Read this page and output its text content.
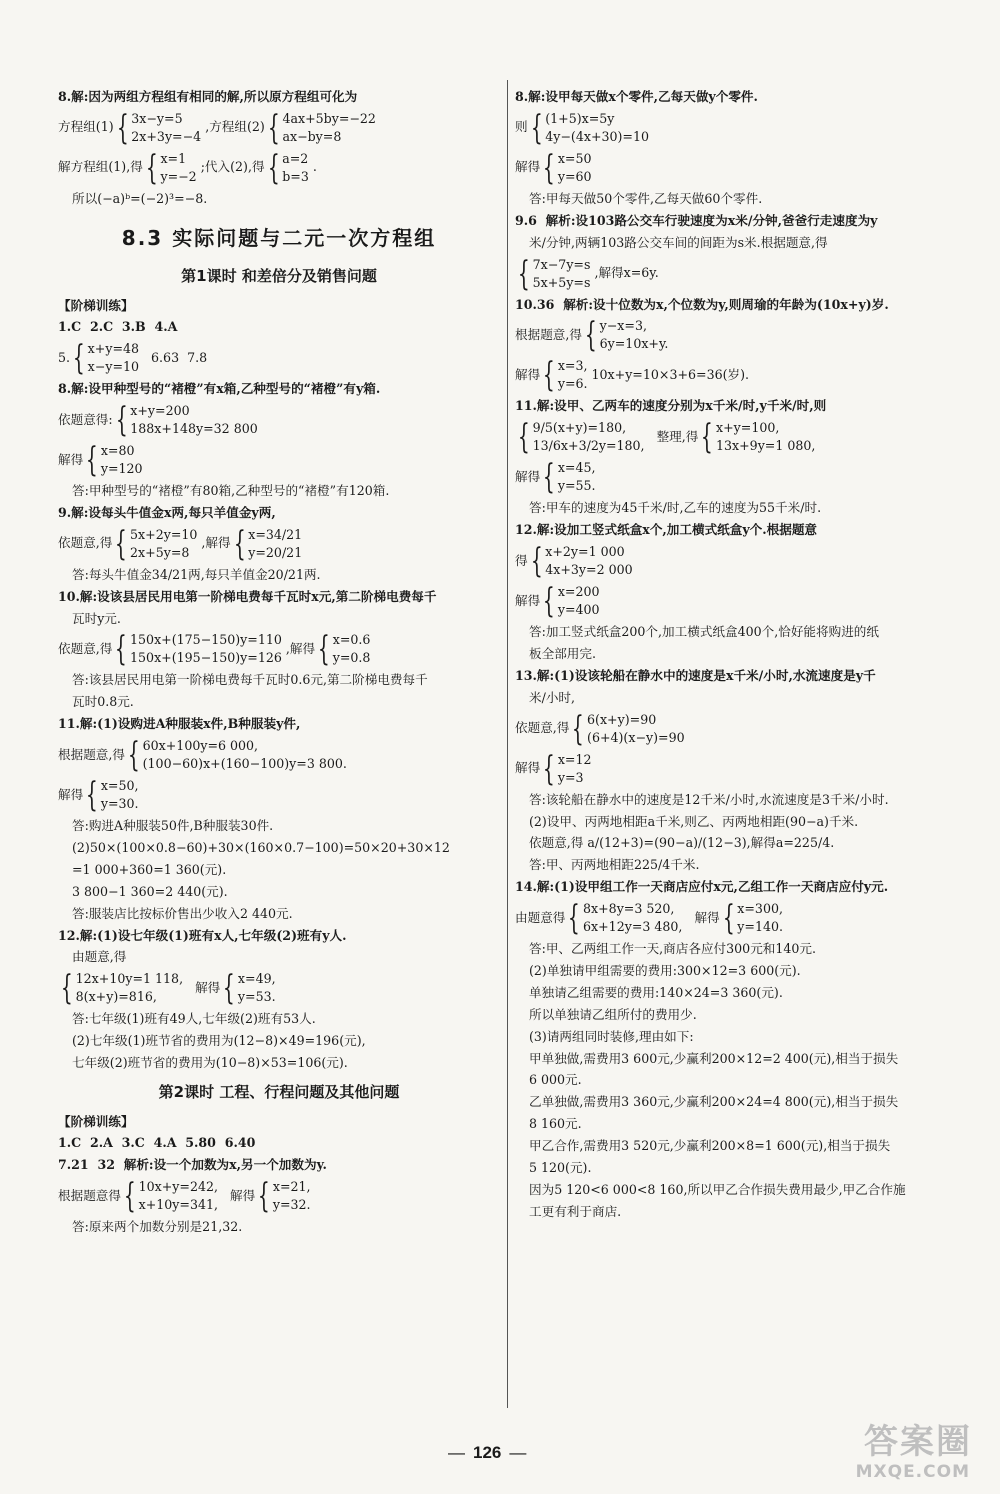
8.解:因为两组方程组有相同的解,所以原方程组可化为
方程组(1) { 3x−y=5
2x+3y=−4
,方程组(2) { 4ax+5by=−22
ax−by=8
解方程组(1),得 { x=1
y=−2
;代入(2),得 { a=2
b=3
.
所以(−a)ᵇ=(−2)³=−8.
8.3 实际问题与二元一次方程组
第1课时 和差倍分及销售问题
【阶梯训练】
1.C  2.C  3.B  4.A
5. { x+y=48
x−y=10
6.63  7.8
8.解:设甲种型号的“褚橙”有x箱,乙种型号的“褚橙”有y箱.
依题意得: { x+y=200
188x+148y=32 800
解得 { x=80
y=120
答:甲种型号的“褚橙”有80箱,乙种型号的“褚橙”有120箱.
9.解:设每头牛值金x两,每只羊值金y两,
依题意,得 { 5x+2y=10
2x+5y=8
,解得 { x=34/21
y=20/21
答:每头牛值金34/21两,每只羊值金20/21两.
10.解:设该县居民用电第一阶梯电费每千瓦时x元,第二阶梯电费每千
瓦时y元.
依题意,得 { 150x+(175−150)y=110
150x+(195−150)y=126
,解得 { x=0.6
y=0.8
答:该县居民用电第一阶梯电费每千瓦时0.6元,第二阶梯电费每千
瓦时0.8元.
11.解:(1)设购进A种服装x件,B种服装y件,
根据题意,得 { 60x+100y=6 000,
(100−60)x+(160−100)y=3 800.
解得 { x=50,
y=30.
答:购进A种服装50件,B种服装30件.
(2)50×(100×0.8−60)+30×(160×0.7−100)=50×20+30×12
=1 000+360=1 360(元).
3 800−1 360=2 440(元).
答:服装店比按标价售出少收入2 440元.
12.解:(1)设七年级(1)班有x人,七年级(2)班有y人.
由题意,得
{ 12x+10y=1 118,
8(x+y)=816,
解得 { x=49,
y=53.
答:七年级(1)班有49人,七年级(2)班有53人.
(2)七年级(1)班节省的费用为(12−8)×49=196(元),
七年级(2)班节省的费用为(10−8)×53=106(元).
第2课时 工程、行程问题及其他问题
【阶梯训练】
1.C  2.A  3.C  4.A  5.80  6.40
7.21  32  解析:设一个加数为x,另一个加数为y.
根据题意得 { 10x+y=242,
x+10y=341,
解得 { x=21,
y=32.
答:原来两个加数分别是21,32.
8.解:设甲每天做x个零件,乙每天做y个零件.
则 { (1+5)x=5y
4y−(4x+30)=10
解得 { x=50
y=60
答:甲每天做50个零件,乙每天做60个零件.
9.6  解析:设103路公交车行驶速度为x米/分钟,爸爸行走速度为y
米/分钟,两辆103路公交车间的间距为s米.根据题意,得
{ 7x−7y=s
5x+5y=s
,解得x=6y.
10.36  解析:设十位数为x,个位数为y,则周瑜的年龄为(10x+y)岁.
根据题意,得 { y−x=3,
6y=10x+y.
解得 { x=3,
y=6.
10x+y=10×3+6=36(岁).
11.解:设甲、乙两车的速度分别为x千米/时,y千米/时,则
{ 9/5(x+y)=180,
13/6x+3/2y=180,
整理,得 { x+y=100,
13x+9y=1 080,
解得 { x=45,
y=55.
答:甲车的速度为45千米/时,乙车的速度为55千米/时.
12.解:设加工竖式纸盒x个,加工横式纸盒y个.根据题意
得 { x+2y=1 000
4x+3y=2 000
解得 { x=200
y=400
答:加工竖式纸盒200个,加工横式纸盒400个,恰好能将购进的纸
板全部用完.
13.解:(1)设该轮船在静水中的速度是x千米/小时,水流速度是y千
米/小时,
依题意,得 { 6(x+y)=90
(6+4)(x−y)=90
解得 { x=12
y=3
答:该轮船在静水中的速度是12千米/小时,水流速度是3千米/小时.
(2)设甲、丙两地相距a千米,则乙、丙两地相距(90−a)千米.
依题意,得 a/(12+3)=(90−a)/(12−3),解得a=225/4.
答:甲、丙两地相距225/4千米.
14.解:(1)设甲组工作一天商店应付x元,乙组工作一天商店应付y元.
由题意得 { 8x+8y=3 520,
6x+12y=3 480,
解得 { x=300,
y=140.
答:甲、乙两组工作一天,商店各应付300元和140元.
(2)单独请甲组需要的费用:300×12=3 600(元).
单独请乙组需要的费用:140×24=3 360(元).
所以单独请乙组所付的费用少.
(3)请两组同时装修,理由如下:
甲单独做,需费用3 600元,少赢利200×12=2 400(元),相当于损失
6 000元.
乙单独做,需费用3 360元,少赢利200×24=4 800(元),相当于损失
8 160元.
甲乙合作,需费用3 520元,少赢利200×8=1 600(元),相当于损失
5 120(元).
因为5 120<6 000<8 160,所以甲乙合作损失费用最少,甲乙合作施
工更有利于商店.
— 126 —	答案圈
MXQE.COM
